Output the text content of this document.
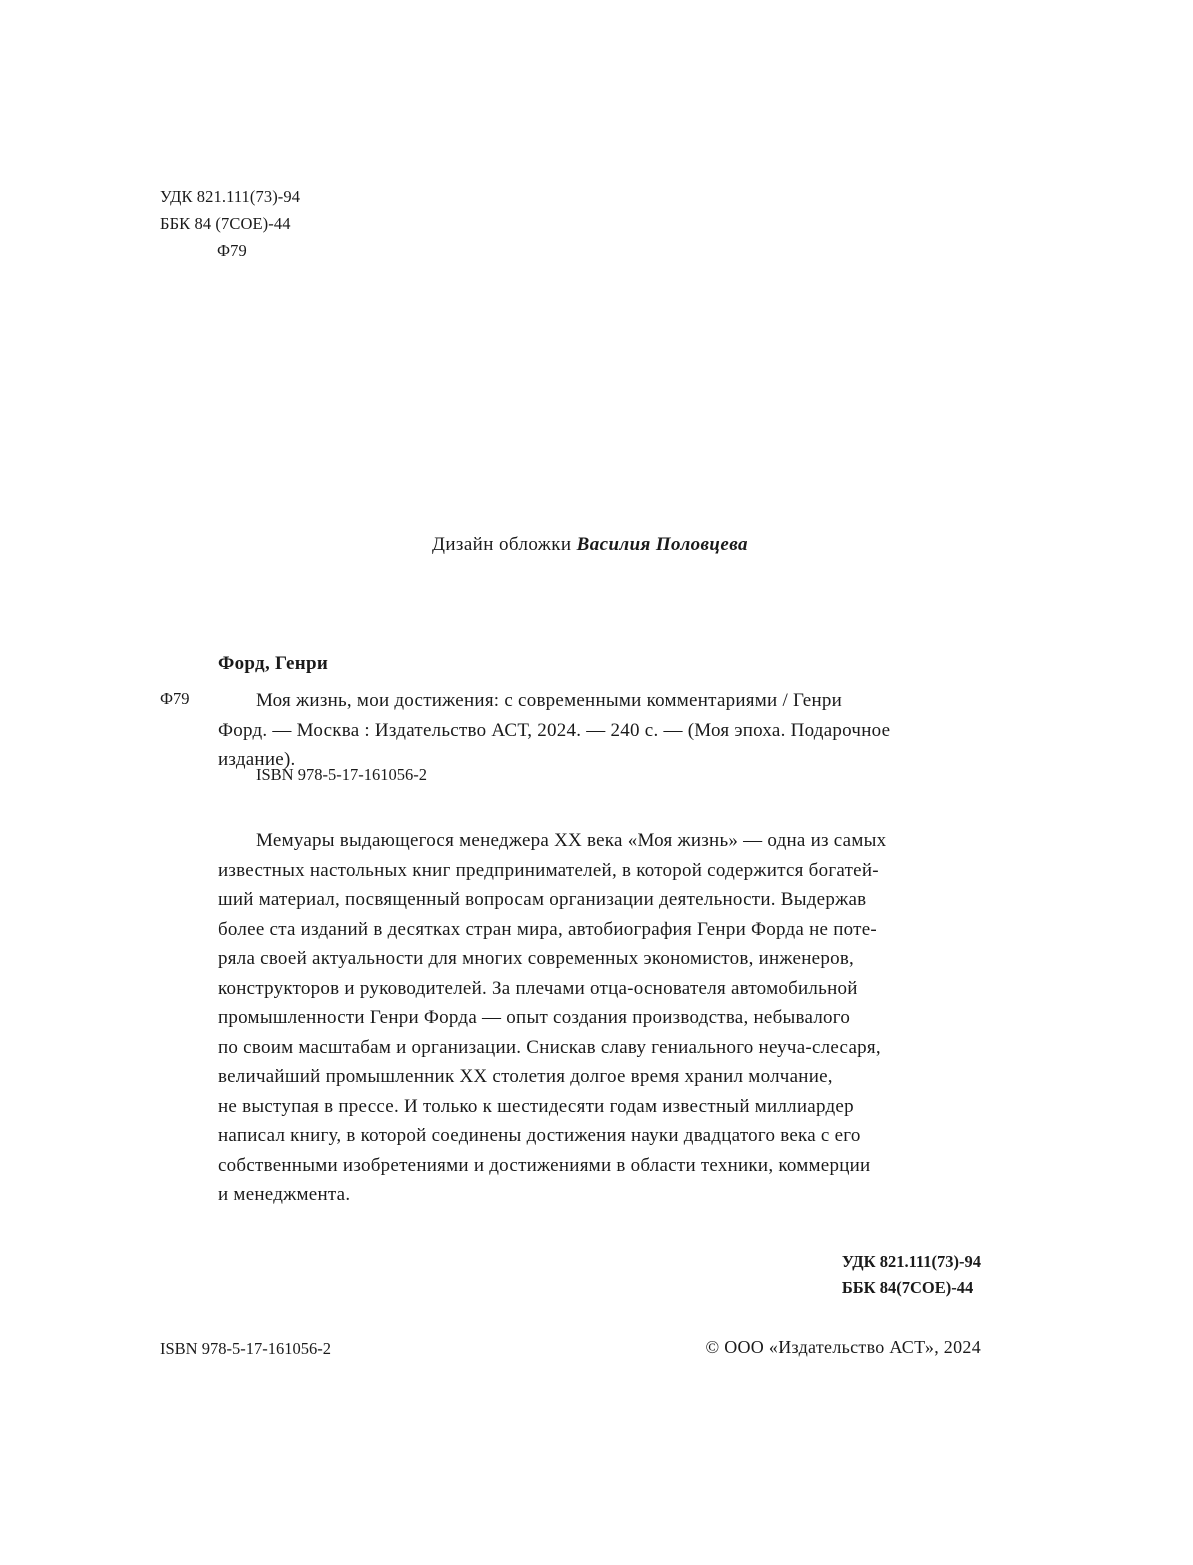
УДК 821.111(73)-94
ББК 84 (7СОЕ)-44
Ф79
Дизайн обложки Василия Половцева
Форд, Генри
Ф79	Моя жизнь, мои достижения: с современными комментариями / Генри
Форд. — Москва : Издательство АСТ, 2024. — 240 с. — (Моя эпоха. Подарочное
издание).
ISBN 978-5-17-161056-2
Мемуары выдающегося менеджера XX века «Моя жизнь» — одна из самых
известных настольных книг предпринимателей, в которой содержится богатей-
ший материал, посвященный вопросам организации деятельности. Выдержав
более ста изданий в десятках стран мира, автобиография Генри Форда не поте-
ряла своей актуальности для многих современных экономистов, инженеров,
конструкторов и руководителей. За плечами отца-основателя автомобильной
промышленности Генри Форда — опыт создания производства, небывалого
по своим масштабам и организации. Снискав славу гениального неуча-слесаря,
величайший промышленник XX столетия долгое время хранил молчание,
не выступая в прессе. И только к шестидесяти годам известный миллиардер
написал книгу, в которой соединены достижения науки двадцатого века с его
собственными изобретениями и достижениями в области техники, коммерции
и менеджмента.
УДК 821.111(73)-94
ББК 84(7СОЕ)-44
ISBN 978-5-17-161056-2	© ООО «Издательство АСТ», 2024
